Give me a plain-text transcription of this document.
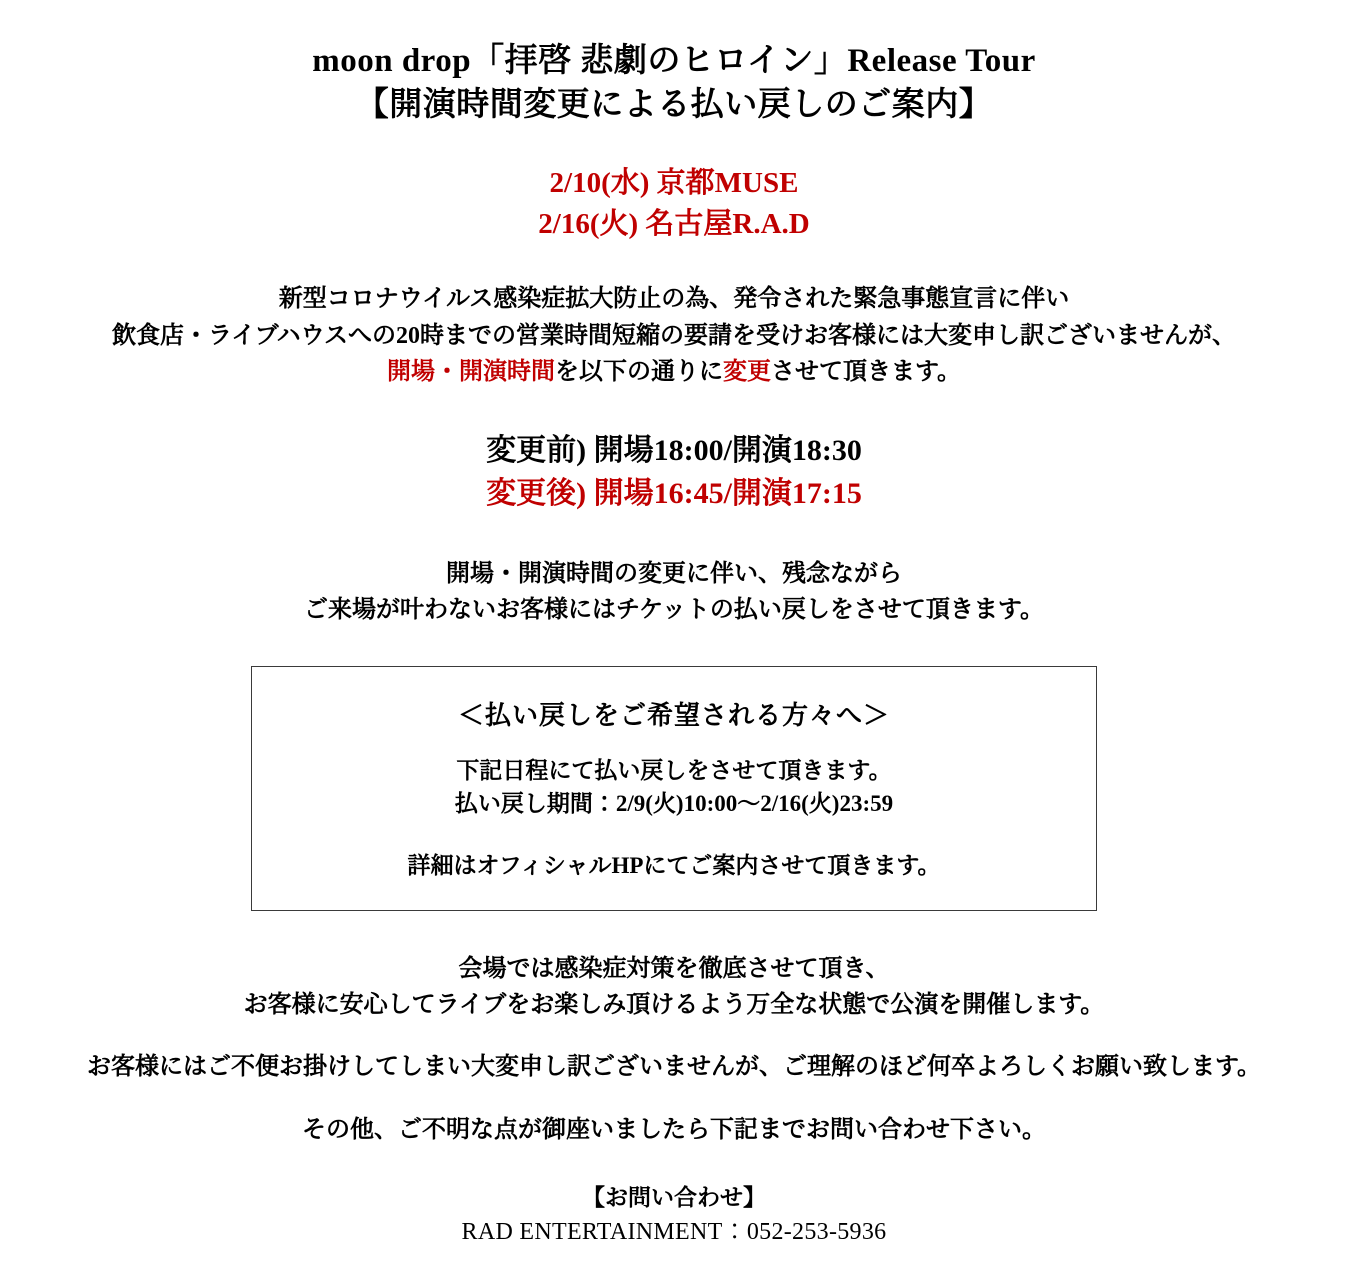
moon drop「拝啓 悲劇のヒロイン」Release Tour
【開演時間変更による払い戻しのご案内】
2/10(水) 京都MUSE
2/16(火) 名古屋R.A.D
新型コロナウイルス感染症拡大防止の為、発令された緊急事態宣言に伴い
飲食店・ライブハウスへの20時までの営業時間短縮の要請を受けお客様には大変申し訳ございませんが、
開場・開演時間を以下の通りに変更させて頂きます。
変更前) 開場18:00/開演18:30
変更後) 開場16:45/開演17:15
開場・開演時間の変更に伴い、残念ながら
ご来場が叶わないお客様にはチケットの払い戻しをさせて頂きます。
＜払い戻しをご希望される方々へ＞
下記日程にて払い戻しをさせて頂きます。
払い戻し期間：2/9(火)10:00〜2/16(火)23:59
詳細はオフィシャルHPにてご案内させて頂きます。
会場では感染症対策を徹底させて頂き、
お客様に安心してライブをお楽しみ頂けるよう万全な状態で公演を開催します。
お客様にはご不便お掛けしてしまい大変申し訳ございませんが、ご理解のほど何卒よろしくお願い致します。
その他、ご不明な点が御座いましたら下記までお問い合わせ下さい。
【お問い合わせ】
RAD ENTERTAINMENT：052-253-5936
